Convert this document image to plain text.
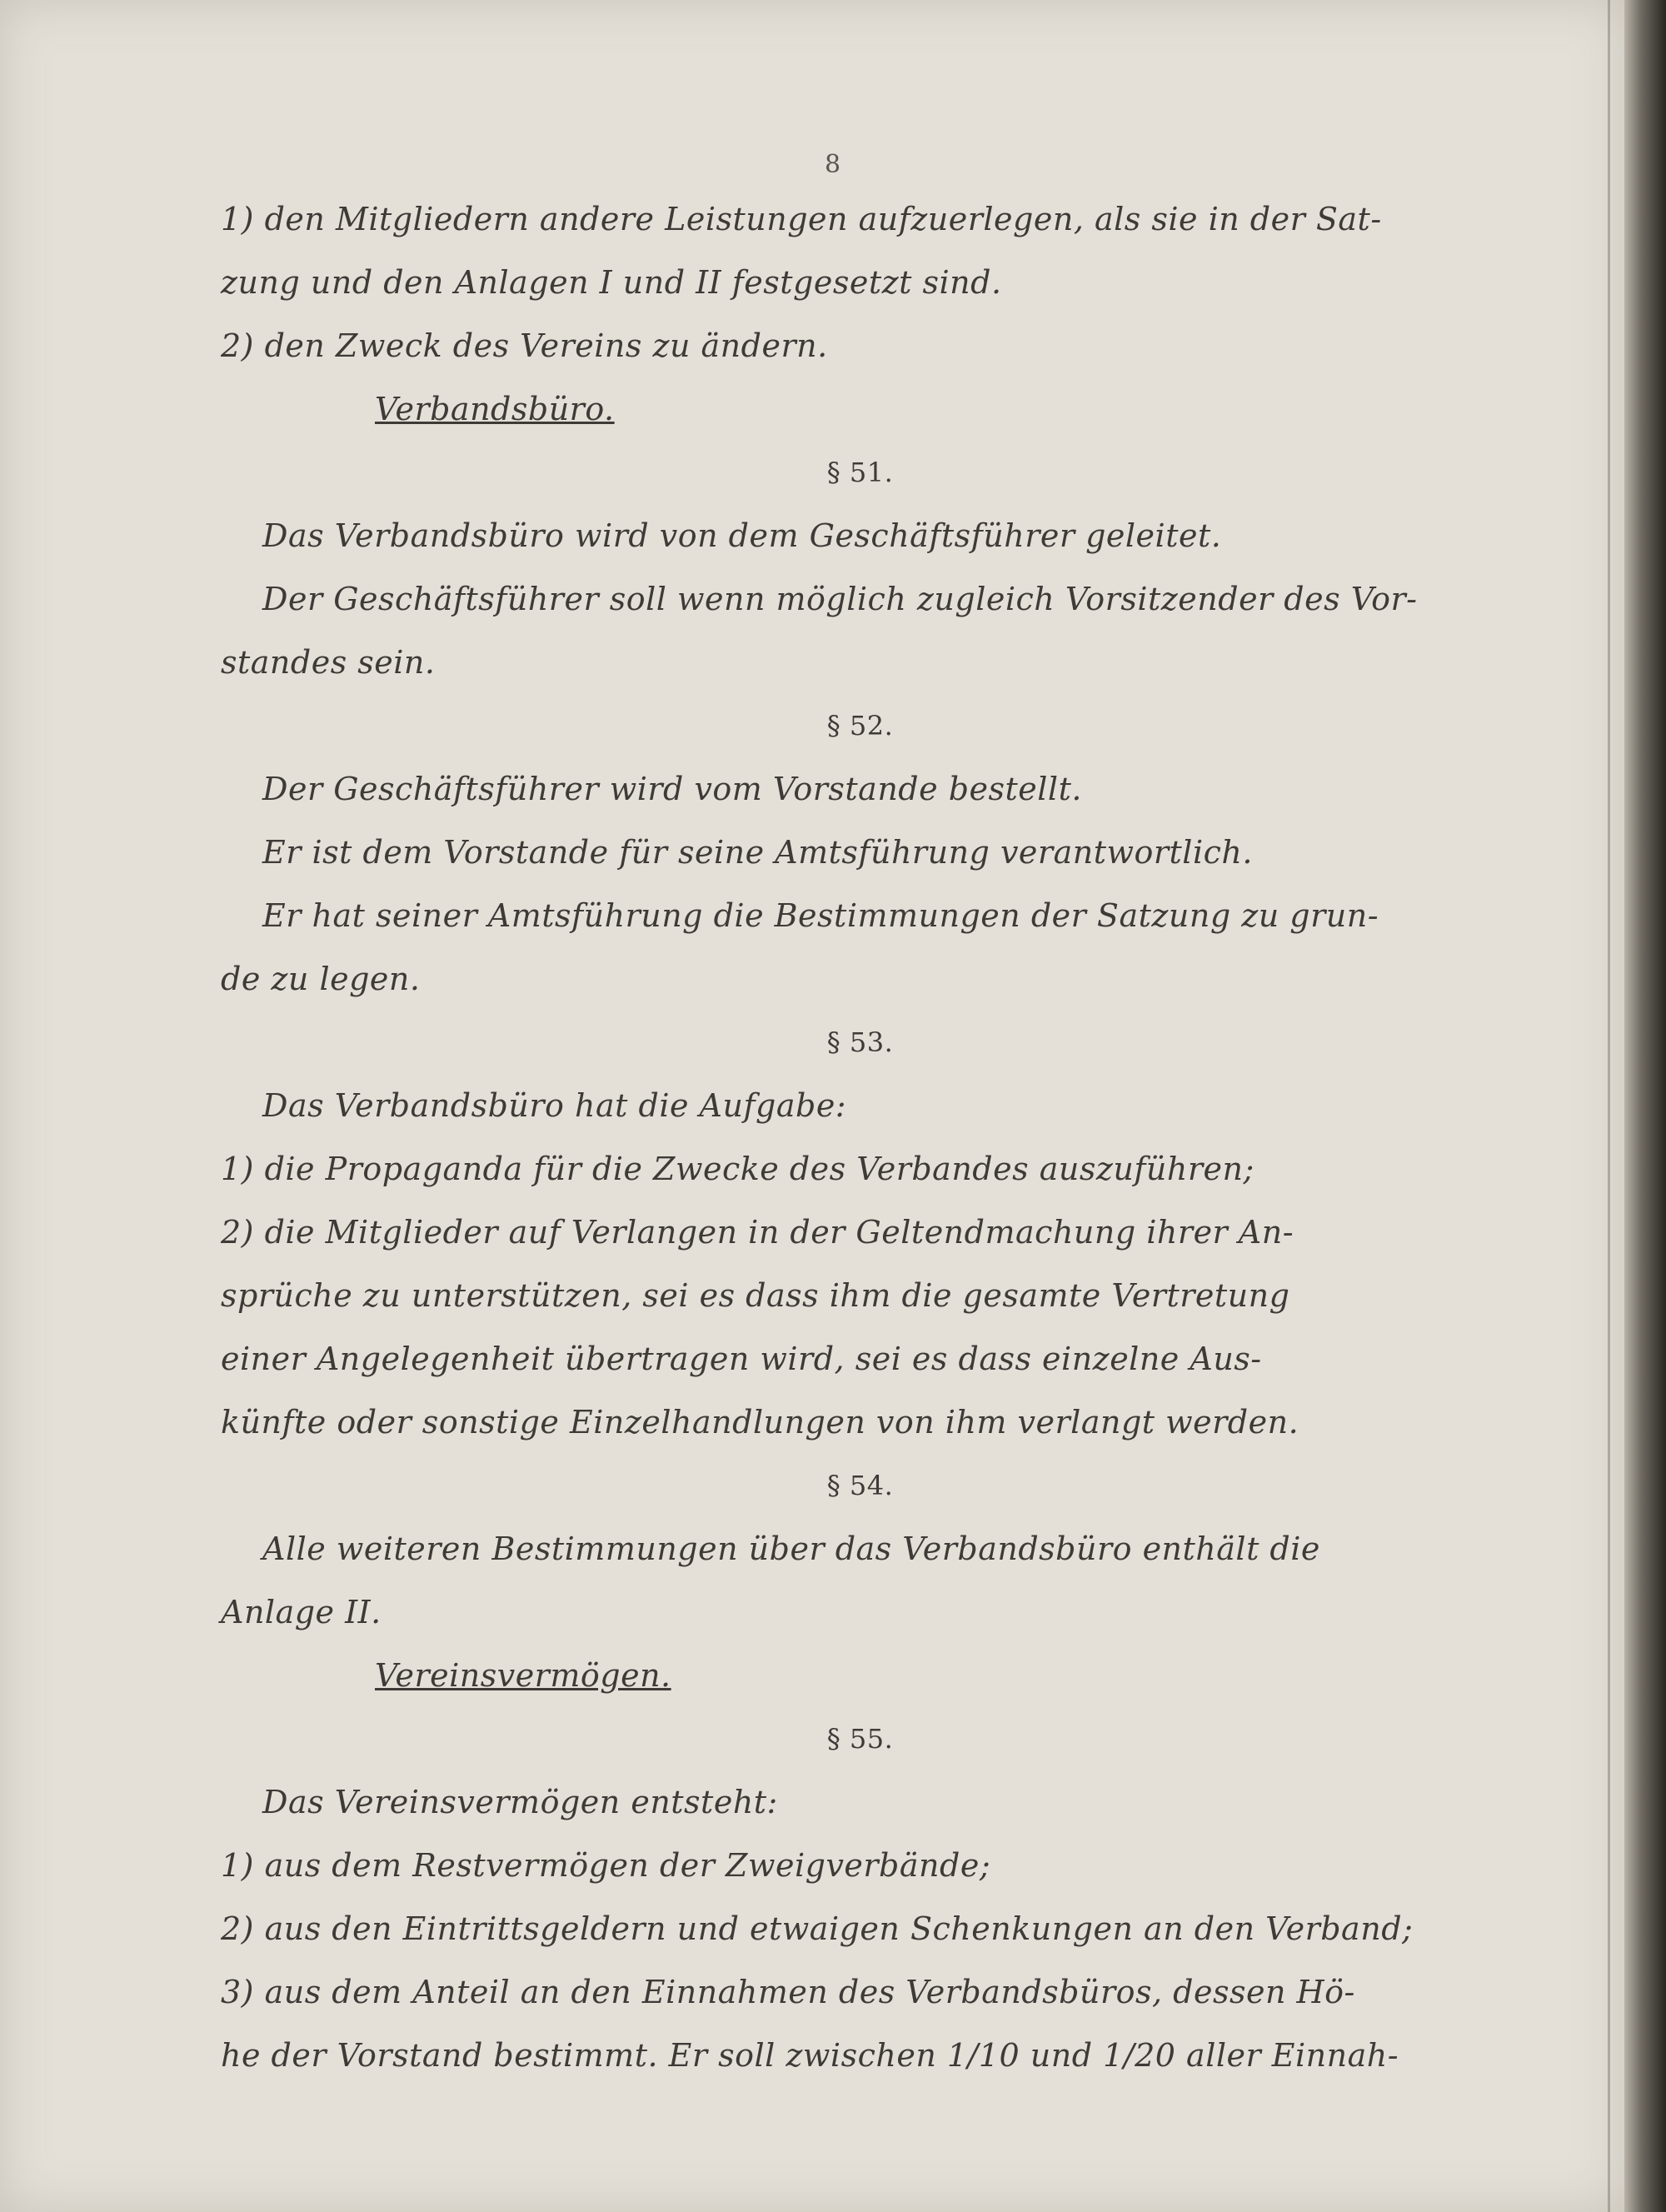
8

1) den Mitgliedern andere Leistungen aufzuerlegen, als sie in der Sat-

zung und den Anlagen I und II festgesetzt sind.

2) den Zweck des Vereins zu ändern.

Verbandsbüro.

§ 51.

Das Verbandsbüro wird von dem Geschäftsführer geleitet.

Der Geschäftsführer soll wenn möglich zugleich Vorsitzender des Vor-

standes sein.

§ 52.

Der Geschäftsführer wird vom Vorstande bestellt.

Er ist dem Vorstande für seine Amtsführung verantwortlich.

Er hat seiner Amtsführung die Bestimmungen der Satzung zu grun-

de zu legen.

§ 53.

Das Verbandsbüro hat die Aufgabe:

1) die Propaganda für die Zwecke des Verbandes auszuführen;

2) die Mitglieder auf Verlangen in der Geltendmachung ihrer An-

sprüche zu unterstützen, sei es dass ihm die gesamte Vertretung

einer Angelegenheit übertragen wird, sei es dass einzelne Aus-

künfte oder sonstige Einzelhandlungen von ihm verlangt werden.

§ 54.

Alle weiteren Bestimmungen über das Verbandsbüro enthält die

Anlage II.

Vereinsvermögen.

§ 55.

Das Vereinsvermögen entsteht:

1) aus dem Restvermögen der Zweigverbände;

2) aus den Eintrittsgeldern und etwaigen Schenkungen an den Verband;

3) aus dem Anteil an den Einnahmen des Verbandsbüros, dessen Hö-

he der Vorstand bestimmt. Er soll zwischen 1/10 und 1/20 aller Einnah-
